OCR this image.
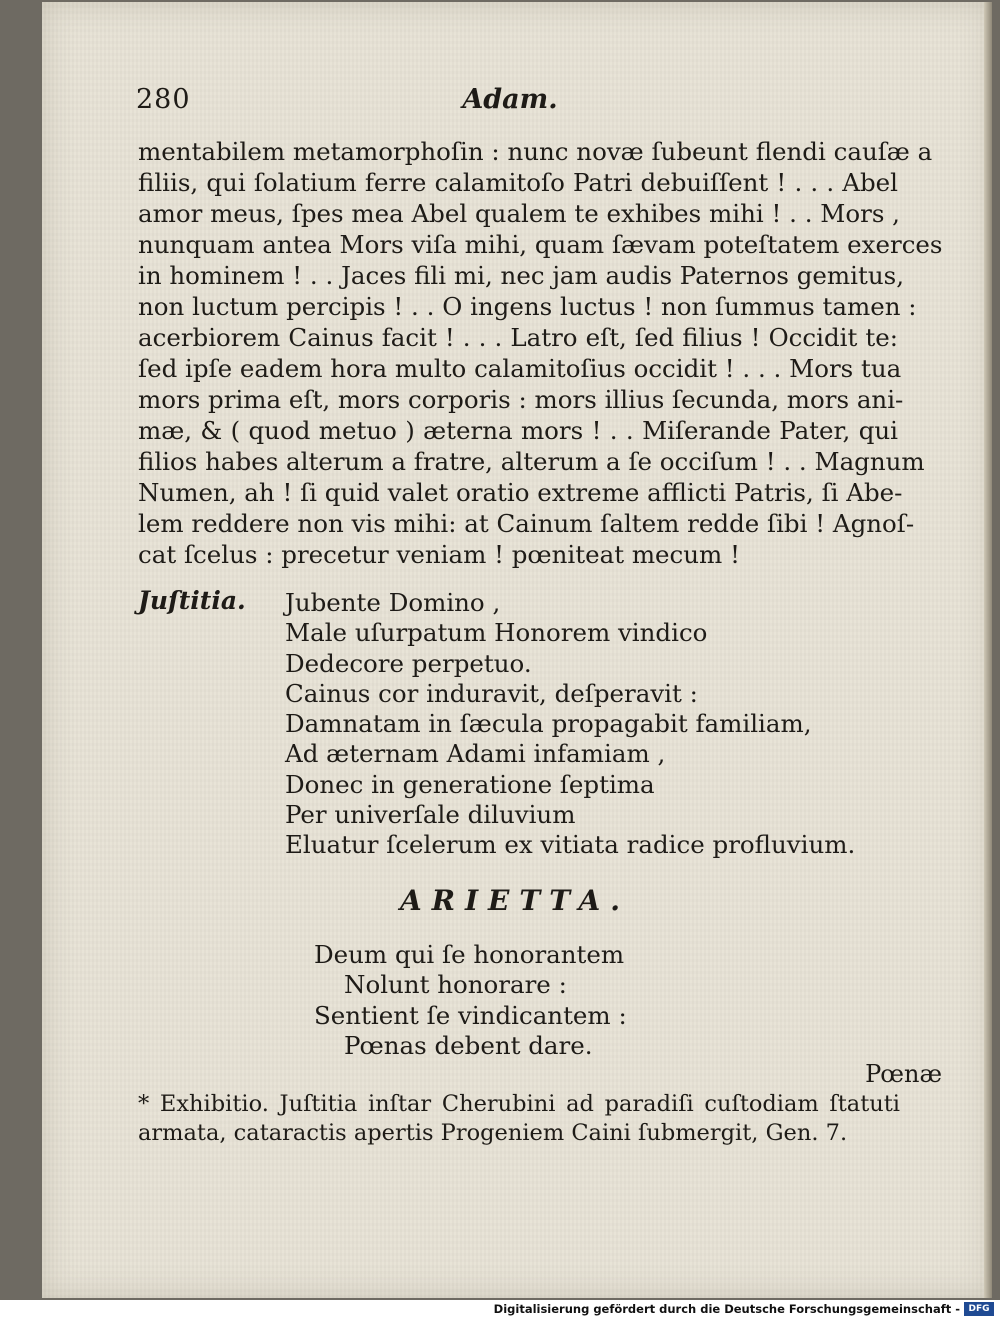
280	Adam.
mentabilem metamorphoſin : nunc novæ ſubeunt flendi cauſæ a
filiis, qui ſolatium ferre calamitoſo Patri debuiſſent ! . . . Abel
amor meus, ſpes mea Abel qualem te exhibes mihi ! . . Mors ,
nunquam antea Mors viſa mihi, quam ſævam poteſtatem exerces
in hominem ! . . Jaces fili mi, nec jam audis Paternos gemitus,
non luctum percipis ! . . O ingens luctus ! non ſummus tamen :
acerbiorem Cainus facit ! . . . Latro eſt, ſed filius ! Occidit te:
ſed ipſe eadem hora multo calamitoſius occidit ! . . . Mors tua
mors prima eſt, mors corporis : mors illius ſecunda, mors ani-
mæ, & ( quod metuo ) æterna mors ! . . Miſerande Pater, qui
filios habes alterum a fratre, alterum a ſe occiſum ! . . Magnum
Numen, ah ! ſi quid valet oratio extreme afflicti Patris, ſi Abe-
lem reddere non vis mihi: at Cainum ſaltem redde ſibi ! Agnoſ-
cat ſcelus : precetur veniam ! pœniteat mecum !
Juſtitia. Jubente Domino ,
Male uſurpatum Honorem vindico
Dedecore perpetuo.
Cainus cor induravit, deſperavit :
Damnatam in ſæcula propagabit familiam,
Ad æternam Adami infamiam ,
Donec in generatione ſeptima
Per univerſale diluvium
Eluatur ſcelerum ex vitiata radice profluvium.
ARIETTA.
Deum qui ſe honorantem
Nolunt honorare :
Sentient ſe vindicantem :
Pœnas debent dare.
Pœnæ
* Exhibitio. Juſtitia inſtar Cherubini ad paradiſi cuſtodiam ſtatuti
armata, cataractis apertis Progeniem Caini ſubmergit, Gen. 7.
Digitalisierung gefördert durch die Deutsche Forschungsgemeinschaft - DFG
